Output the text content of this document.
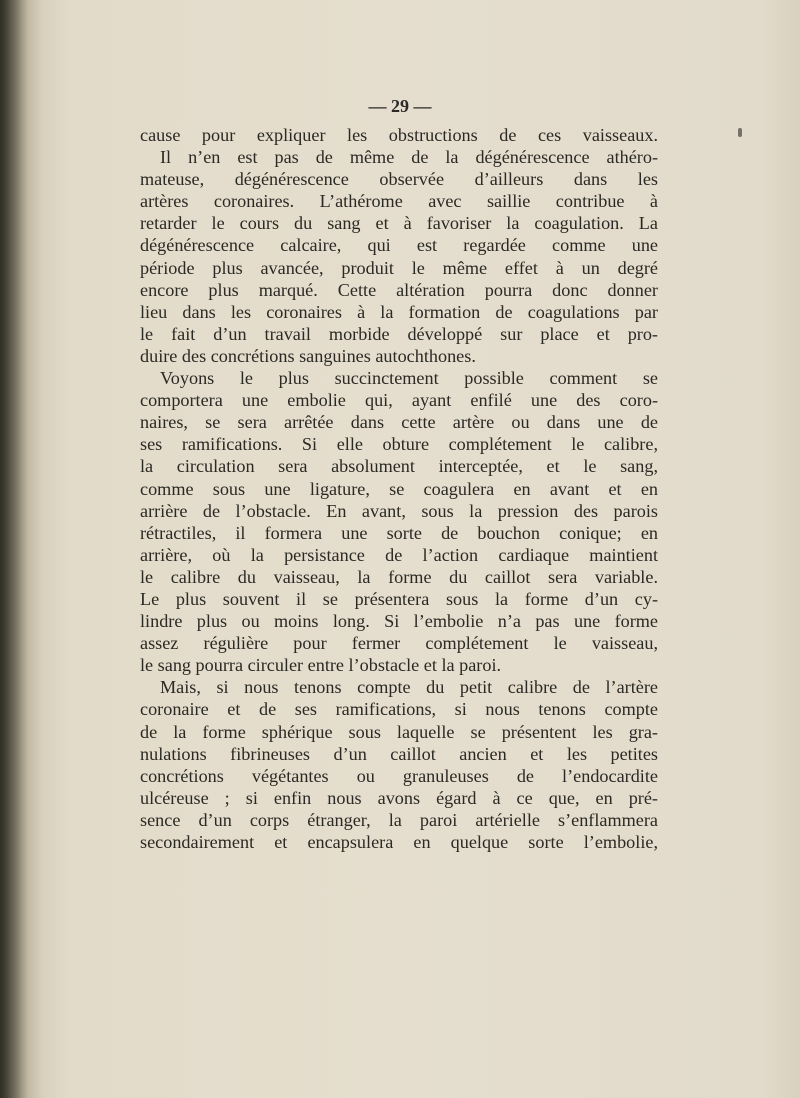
— 29 —
cause pour expliquer les obstructions de ces vaisseaux.
Il n’en est pas de même de la dégénérescence athéro-
mateuse, dégénérescence observée d’ailleurs dans les
artères coronaires. L’athérome avec saillie contribue à
retarder le cours du sang et à favoriser la coagulation. La
dégénérescence calcaire, qui est regardée comme une
période plus avancée, produit le même effet à un degré
encore plus marqué. Cette altération pourra donc donner
lieu dans les coronaires à la formation de coagulations par
le fait d’un travail morbide développé sur place et pro-
duire des concrétions sanguines autochthones.
Voyons le plus succinctement possible comment se
comportera une embolie qui, ayant enfilé une des coro-
naires, se sera arrêtée dans cette artère ou dans une de
ses ramifications. Si elle obture complétement le calibre,
la circulation sera absolument interceptée, et le sang,
comme sous une ligature, se coagulera en avant et en
arrière de l’obstacle. En avant, sous la pression des parois
rétractiles, il formera une sorte de bouchon conique; en
arrière, où la persistance de l’action cardiaque maintient
le calibre du vaisseau, la forme du caillot sera variable.
Le plus souvent il se présentera sous la forme d’un cy-
lindre plus ou moins long. Si l’embolie n’a pas une forme
assez régulière pour fermer complétement le vaisseau,
le sang pourra circuler entre l’obstacle et la paroi.
Mais, si nous tenons compte du petit calibre de l’artère
coronaire et de ses ramifications, si nous tenons compte
de la forme sphérique sous laquelle se présentent les gra-
nulations fibrineuses d’un caillot ancien et les petites
concrétions végétantes ou granuleuses de l’endocardite
ulcéreuse ; si enfin nous avons égard à ce que, en pré-
sence d’un corps étranger, la paroi artérielle s’enflammera
secondairement et encapsulera en quelque sorte l’embolie,
